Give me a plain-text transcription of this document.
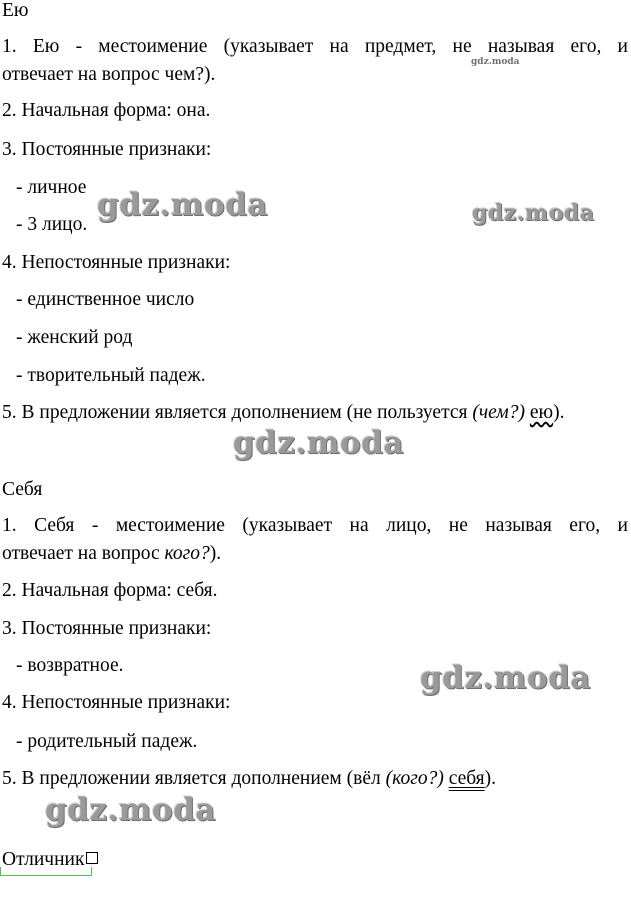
Ею
1. Ею - местоимение (указывает на предмет, не называя его, и
отвечает на вопрос чем?).
2. Начальная форма: она.
3. Постоянные признаки:
- личное
- 3 лицо.
4. Непостоянные признаки:
- единственное число
- женский род
- творительный падеж.
5. В предложении является дополнением (не пользуется (чем?) ею).
Себя
1. Себя - местоимение (указывает на лицо, не называя его, и
отвечает на вопрос кого?).
2. Начальная форма: себя.
3. Постоянные признаки:
- возвратное.
4. Непостоянные признаки:
- родительный падеж.
5. В предложении является дополнением (вёл (кого?) себя).
gdz.moda
gdz.moda	gdz.moda
gdz.moda
gdz.moda
gdz.moda
Отличник
